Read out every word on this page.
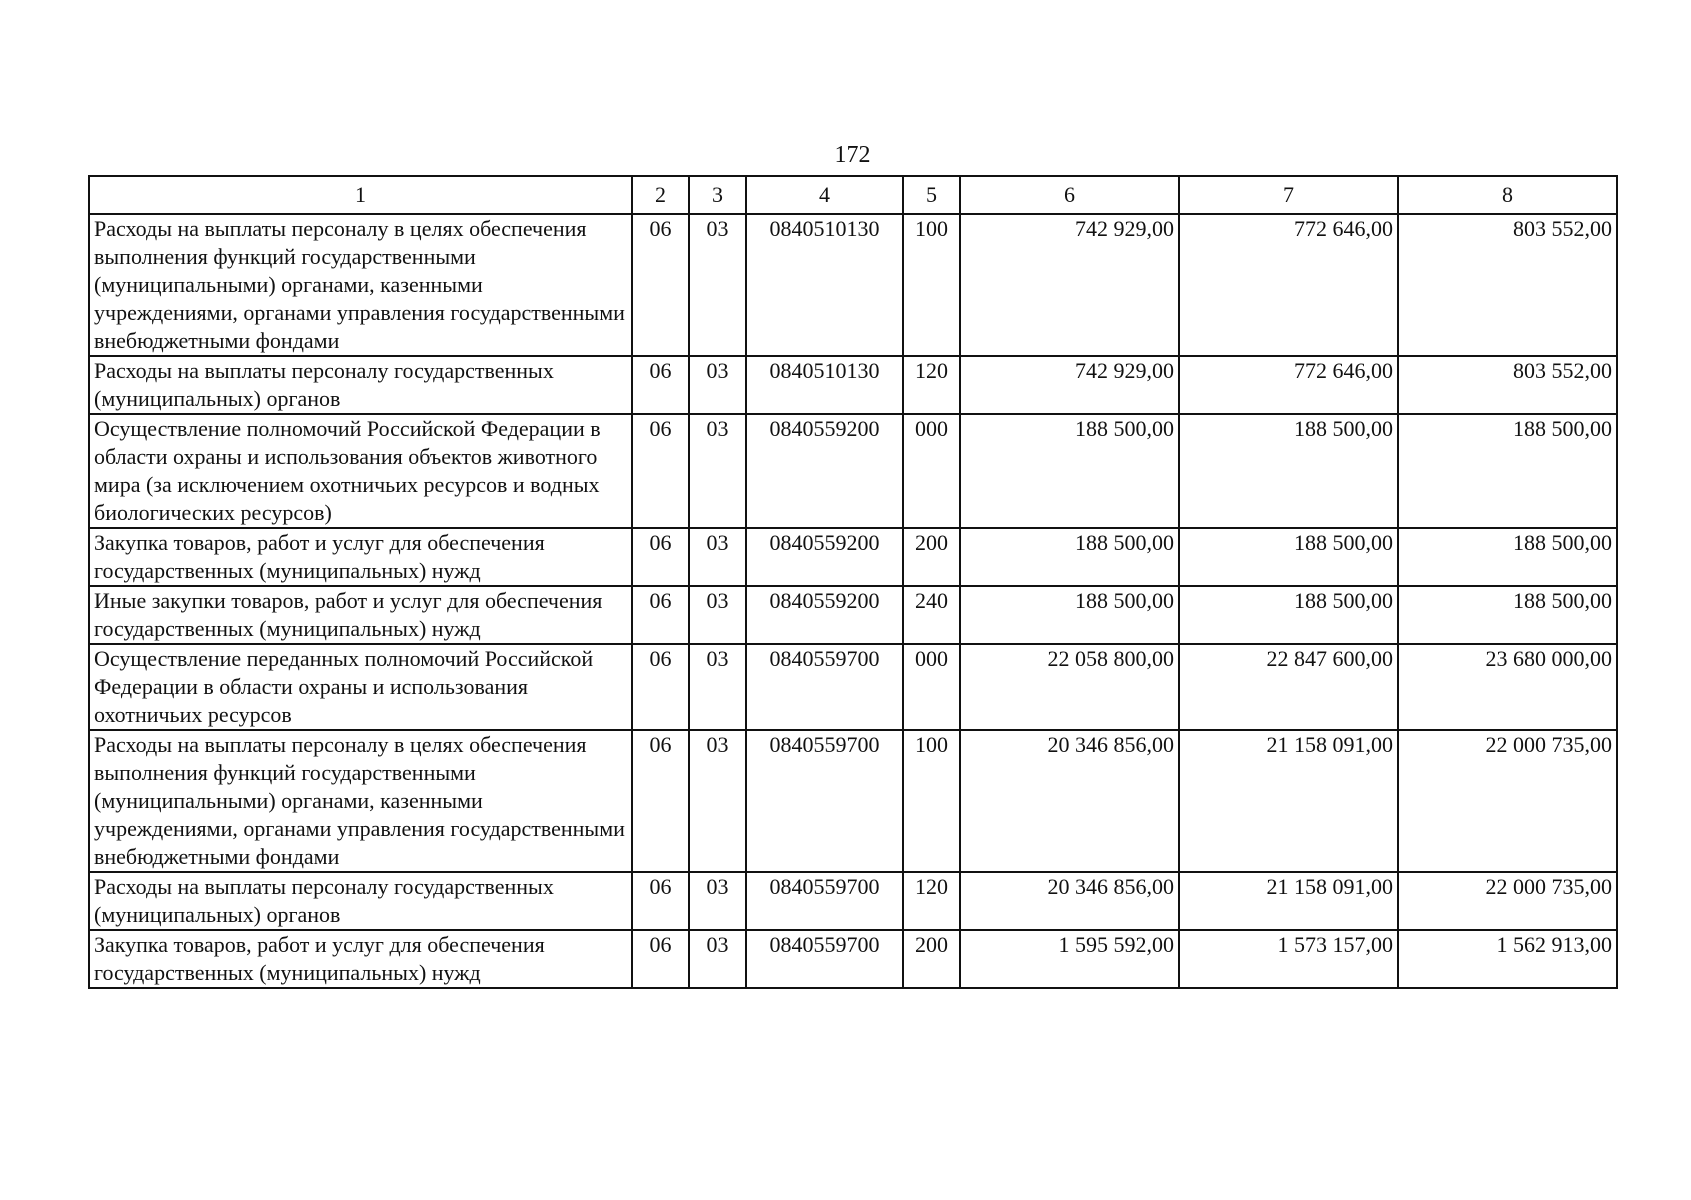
172
1	2	3	4	5	6	7	8
Расходы на выплаты персоналу в целях обеспечения выполнения функций государственными (муниципальными) органами, казенными учреждениями, органами управления государственными внебюджетными фондами	06	03	0840510130	100	742 929,00	772 646,00	803 552,00
Расходы на выплаты персоналу государственных (муниципальных) органов	06	03	0840510130	120	742 929,00	772 646,00	803 552,00
Осуществление полномочий Российской Федерации в области охраны и использования объектов животного мира (за исключением охотничьих ресурсов и водных биологических ресурсов)	06	03	0840559200	000	188 500,00	188 500,00	188 500,00
Закупка товаров, работ и услуг для обеспечения государственных (муниципальных) нужд	06	03	0840559200	200	188 500,00	188 500,00	188 500,00
Иные закупки товаров, работ и услуг для обеспечения государственных (муниципальных) нужд	06	03	0840559200	240	188 500,00	188 500,00	188 500,00
Осуществление переданных полномочий Российской Федерации в области охраны и использования охотничьих ресурсов	06	03	0840559700	000	22 058 800,00	22 847 600,00	23 680 000,00
Расходы на выплаты персоналу в целях обеспечения выполнения функций государственными (муниципальными) органами, казенными учреждениями, органами управления государственными внебюджетными фондами	06	03	0840559700	100	20 346 856,00	21 158 091,00	22 000 735,00
Расходы на выплаты персоналу государственных (муниципальных) органов	06	03	0840559700	120	20 346 856,00	21 158 091,00	22 000 735,00
Закупка товаров, работ и услуг для обеспечения государственных (муниципальных) нужд	06	03	0840559700	200	1 595 592,00	1 573 157,00	1 562 913,00
